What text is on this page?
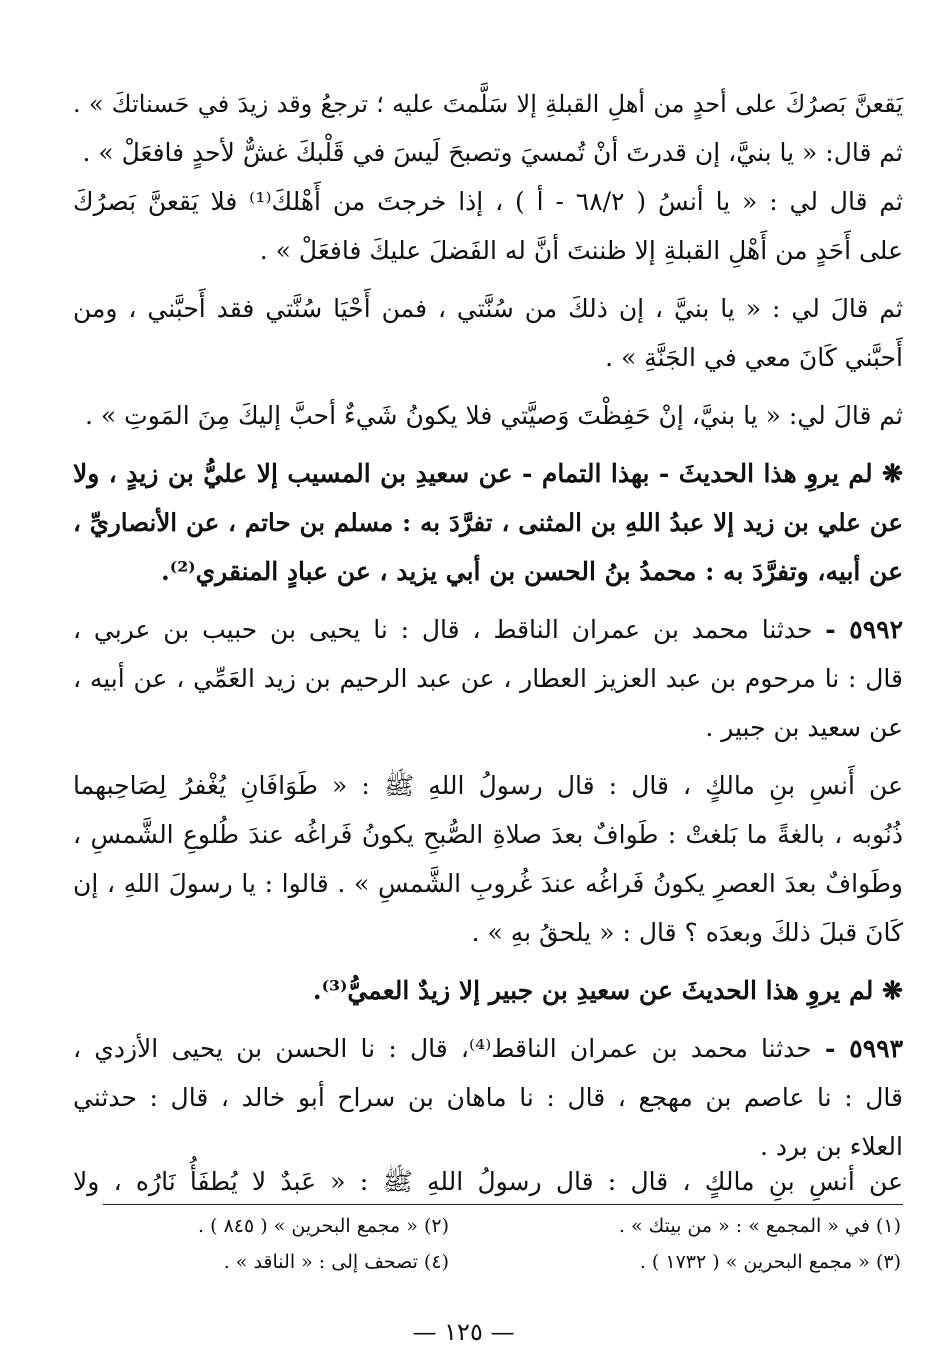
يَقعنَّ بَصرُكَ على أحدٍ من أهلِ القبلةِ إلا سَلَّمتَ عليه ؛ ترجعُ وقد زيدَ في حَسناتكَ » .
ثم قال: « يا بنيَّ، إن قدرتَ أنْ تُمسيَ وتصبحَ لَيسَ في قَلْبكَ غشٌّ لأحدٍ فافعَلْ » .
ثم قال لي : « يا أنسُ ( ٦٨/٢ - أ ) ، إذا خرجتَ من أَهْلكَ⁽¹⁾ فلا يَقعنَّ بَصرُكَ
على أَحَدٍ من أَهْلِ القبلةِ إلا ظننتَ أنَّ له الفَضلَ عليكَ فافعَلْ » .
ثم قالَ لي : « يا بنيَّ ، إن ذلكَ من سُنَّتي ، فمن أَحْيَا سُنَّتي فقد أَحبَّني ، ومن
أَحبَّني كَانَ معي في الجَنَّةِ » .
ثم قالَ لي: « يا بنيَّ، إنْ حَفِظْتَ وَصيَّتي فلا يكونُ شَيءٌ أحبَّ إليكَ مِنَ المَوتِ » .
❋ لم يروِ هذا الحديثَ - بهذا التمام - عن سعيدِ بن المسيب إلا عليُّ بن زيدٍ ، ولا
عن علي بن زيد إلا عبدُ اللهِ بن المثنى ، تفرَّدَ به : مسلم بن حاتم ، عن الأنصاريِّ ،
عن أبيه، وتفرَّدَ به : محمدُ بنُ الحسن بن أبي يزيد ، عن عبادٍ المنقري⁽²⁾.
٥٩٩٢ - حدثنا محمد بن عمران الناقط ، قال : نا يحيى بن حبيب بن عربي ،
قال : نا مرحوم بن عبد العزيز العطار ، عن عبد الرحيم بن زيد العَمِّي ، عن أبيه ،
عن سعيد بن جبير .
عن أَنسِ بنِ مالكٍ ، قال : قال رسولُ اللهِ ﷺ : « طَوَافَانِ يُغْفرُ لِصَاحِبهما
ذُنُوبه ، بالغةً ما بَلغتْ : طَوافٌ بعدَ صلاةِ الصُّبحِ يكونُ فَراغُه عندَ طُلوعِ الشَّمسِ ،
وطَوافٌ بعدَ العصرِ يكونُ فَراغُه عندَ غُروبِ الشَّمسِ » . قالوا : يا رسولَ اللهِ ، إن
كَانَ قبلَ ذلكَ وبعدَه ؟ قال : « يلحقُ بهِ » .
❋ لم يروِ هذا الحديثَ عن سعيدِ بن جبير إلا زيدٌ العميُّ⁽³⁾.
٥٩٩٣ - حدثنا محمد بن عمران الناقط⁽⁴⁾، قال : نا الحسن بن يحيى الأزدي ،
قال : نا عاصم بن مهجع ، قال : نا ماهان بن سراح أبو خالد ، قال : حدثني
العلاء بن برد .
عن أنسِ بنِ مالكٍ ، قال : قال رسولُ اللهِ ﷺ : « عَبدٌ لا يُطفَأُ نَارُه ، ولا
(١) في « المجمع » : « من بيتك » .
(٢) « مجمع البحرين » ( ٨٤٥ ) .
(٣) « مجمع البحرين » ( ١٧٣٢ ) .
(٤) تصحف إلى : « الناقد » .
— ١٢٥ —
